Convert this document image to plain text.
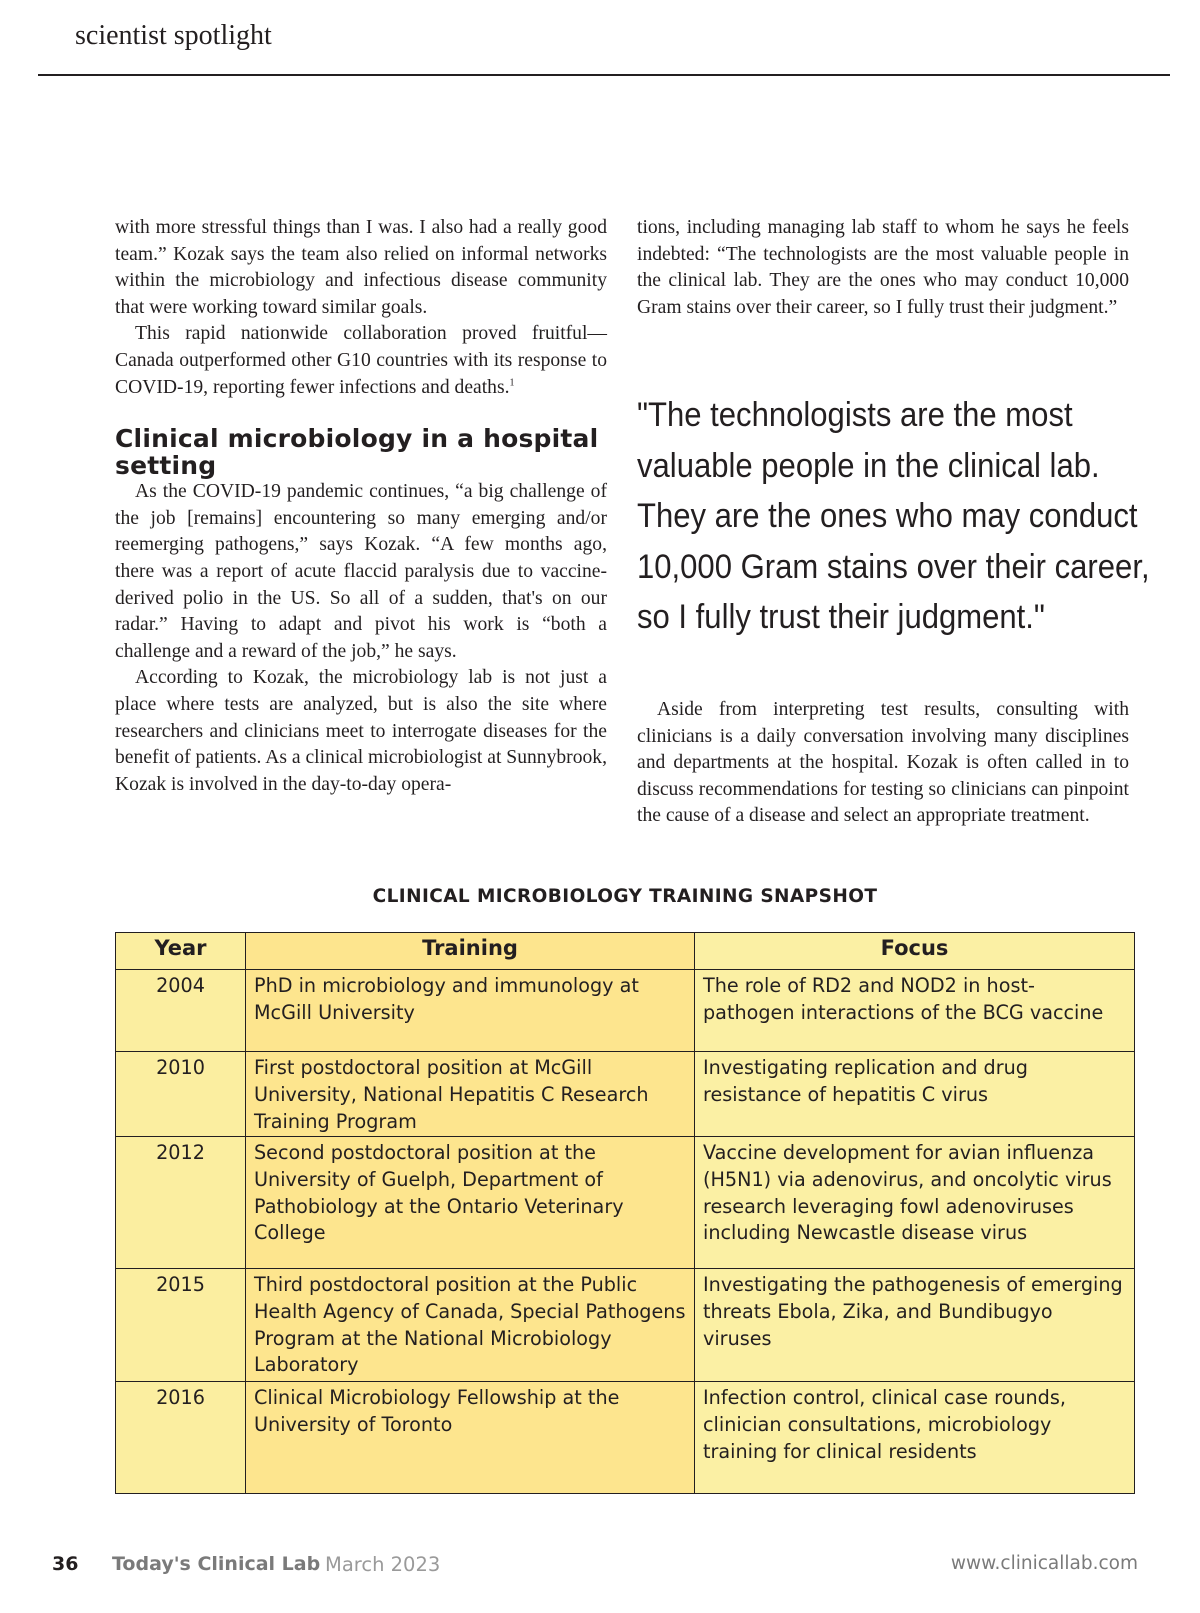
scientist spotlight

with more stressful things than I was. I also had a really good team.” Kozak says the team also relied on informal networks within the microbiology and infectious disease community that were working toward similar goals.

This rapid nationwide collaboration proved fruitful—Canada outperformed other G10 countries with its response to COVID-19, reporting fewer infections and deaths.$^1$

Clinical microbiology in a hospital setting

As the COVID-19 pandemic continues, “a big challenge of the job [remains] encountering so many emerging and/or reemerging pathogens,” says Kozak. “A few months ago, there was a report of acute flaccid paralysis due to vaccine-derived polio in the US. So all of a sudden, that's on our radar.” Having to adapt and pivot his work is “both a challenge and a reward of the job,” he says.

According to Kozak, the microbiology lab is not just a place where tests are analyzed, but is also the site where researchers and clinicians meet to interrogate diseases for the benefit of patients. As a clinical microbiologist at Sunnybrook, Kozak is involved in the day-to-day opera-

tions, including managing lab staff to whom he says he feels indebted: “The technologists are the most valuable people in the clinical lab. They are the ones who may conduct 10,000 Gram stains over their career, so I fully trust their judgment.”

"The technologists are the most
valuable people in the clinical lab.
They are the ones who may conduct
10,000 Gram stains over their career,
so I fully trust their judgment."

Aside from interpreting test results, consulting with clinicians is a daily conversation involving many disciplines and departments at the hospital. Kozak is often called in to discuss recommendations for testing so clinicians can pinpoint the cause of a disease and select an appropriate treatment.

CLINICAL MICROBIOLOGY TRAINING SNAPSHOT
Year	Training	Focus
2004	PhD in microbiology and immunology at McGill University	The role of RD2 and NOD2 in host-pathogen interactions of the BCG vaccine
2010	First postdoctoral position at McGill University, National Hepatitis C Research Training Program	Investigating replication and drug resistance of hepatitis C virus
2012	Second postdoctoral position at the University of Guelph, Department of Pathobiology at the Ontario Veterinary College	Vaccine development for avian influenza (H5N1) via adenovirus, and oncolytic virus research leveraging fowl adenoviruses including Newcastle disease virus
2015	Third postdoctoral position at the Public Health Agency of Canada, Special Pathogens Program at the National Microbiology Laboratory	Investigating the pathogenesis of emerging threats Ebola, Zika, and Bundibugyo viruses
2016	Clinical Microbiology Fellowship at the University of Toronto	Infection control, clinical case rounds, clinician consultations, microbiology training for clinical residents
36 Today's Clinical Lab March 2023	www.clinicallab.com
